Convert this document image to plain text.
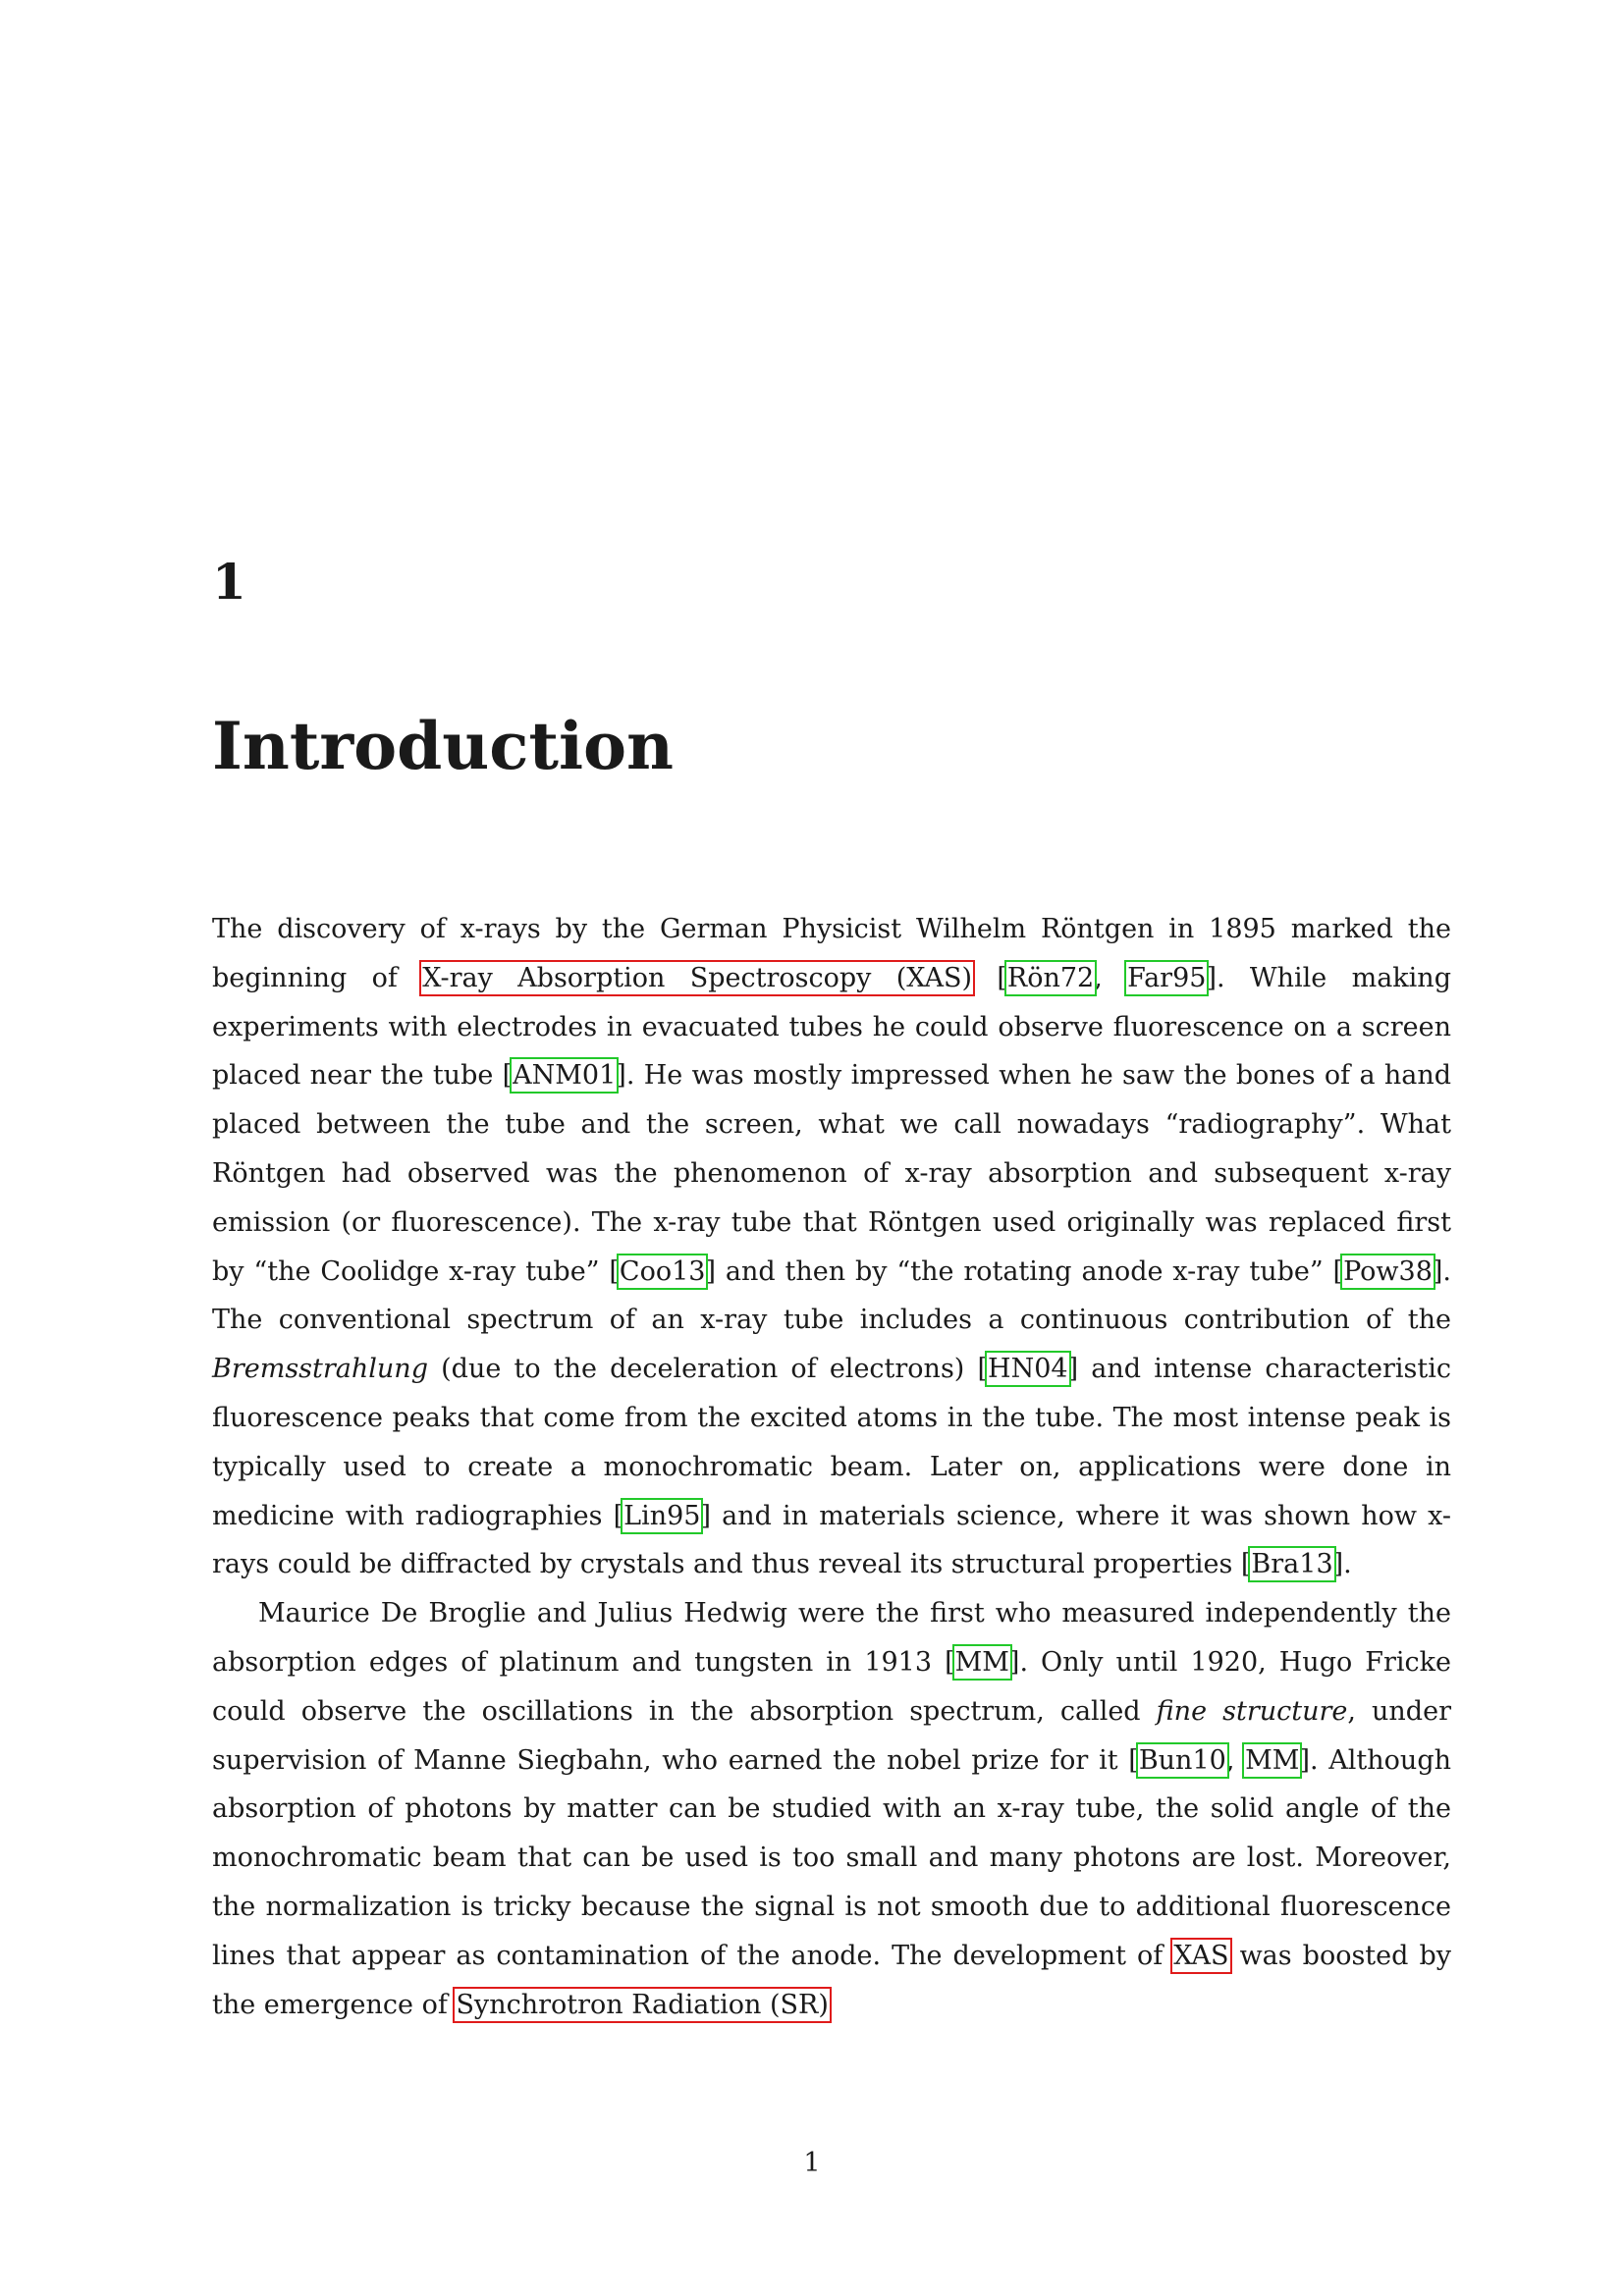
1
Introduction

The discovery of x-rays by the German Physicist Wilhelm Röntgen in 1895 marked the beginning of X-ray Absorption Spectroscopy (XAS) [Rön72, Far95]. While making experiments with electrodes in evacuated tubes he could observe fluorescence on a screen placed near the tube [ANM01]. He was mostly impressed when he saw the bones of a hand placed between the tube and the screen, what we call nowadays “radiography”. What Röntgen had observed was the phenomenon of x-ray absorption and subsequent x-ray emission (or fluorescence). The x-ray tube that Röntgen used originally was replaced first by “the Coolidge x-ray tube” [Coo13] and then by “the rotating anode x-ray tube” [Pow38]. The conventional spectrum of an x-ray tube includes a continuous contribution of the Bremsstrahlung (due to the deceleration of electrons) [HN04] and intense characteristic fluorescence peaks that come from the excited atoms in the tube. The most intense peak is typically used to create a monochromatic beam. Later on, applications were done in medicine with radiographies [Lin95] and in materials science, where it was shown how x-rays could be diffracted by crystals and thus reveal its structural properties [Bra13].

Maurice De Broglie and Julius Hedwig were the first who measured independently the absorption edges of platinum and tungsten in 1913 [MM]. Only until 1920, Hugo Fricke could observe the oscillations in the absorption spectrum, called fine structure, under supervision of Manne Siegbahn, who earned the nobel prize for it [Bun10, MM]. Although absorption of photons by matter can be studied with an x-ray tube, the solid angle of the monochromatic beam that can be used is too small and many photons are lost. Moreover, the normalization is tricky because the signal is not smooth due to additional fluorescence lines that appear as contamination of the anode. The development of XAS was boosted by the emergence of Synchrotron Radiation (SR)

1
